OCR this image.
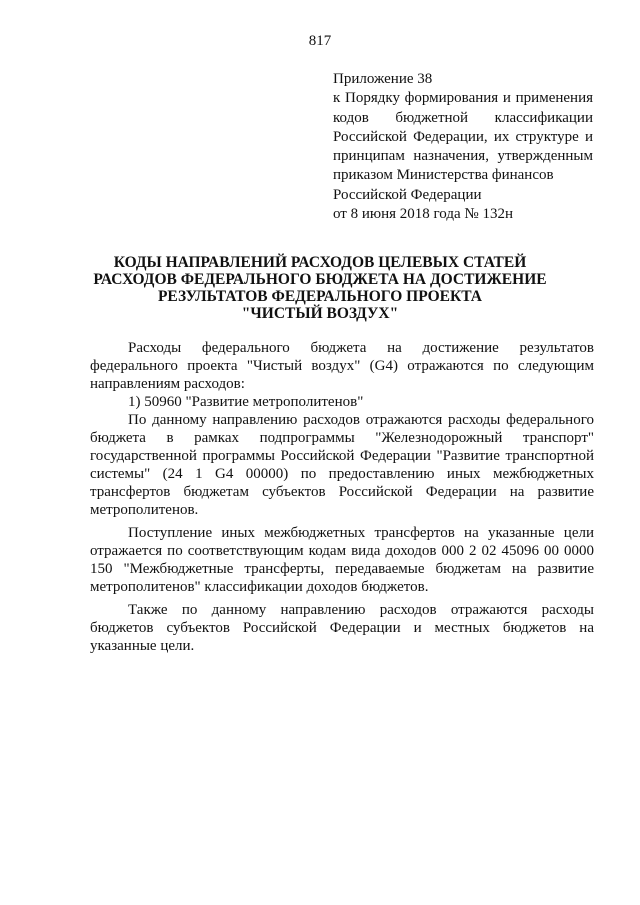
817
Приложение 38
к Порядку формирования и применения
кодов бюджетной классификации
Российской Федерации, их структуре и
принципам назначения, утвержденным
приказом Министерства финансов
Российской Федерации
от 8 июня 2018 года № 132н
КОДЫ НАПРАВЛЕНИЙ РАСХОДОВ ЦЕЛЕВЫХ СТАТЕЙ
РАСХОДОВ ФЕДЕРАЛЬНОГО БЮДЖЕТА НА ДОСТИЖЕНИЕ
РЕЗУЛЬТАТОВ ФЕДЕРАЛЬНОГО ПРОЕКТА
"ЧИСТЫЙ ВОЗДУХ"

Расходы федерального бюджета на достижение результатов федерального проекта "Чистый воздух" (G4) отражаются по следующим направлениям расходов:

1) 50960 "Развитие метрополитенов"

По данному направлению расходов отражаются расходы федерального бюджета в рамках подпрограммы "Железнодорожный транспорт" государственной программы Российской Федерации "Развитие транспортной системы" (24 1 G4 00000) по предоставлению иных межбюджетных трансфертов бюджетам субъектов Российской Федерации на развитие метрополитенов.

Поступление иных межбюджетных трансфертов на указанные цели отражается по соответствующим кодам вида доходов 000 2 02 45096 00 0000 150 "Межбюджетные трансферты, передаваемые бюджетам на развитие метрополитенов" классификации доходов бюджетов.

Также по данному направлению расходов отражаются расходы бюджетов субъектов Российской Федерации и местных бюджетов на указанные цели.
